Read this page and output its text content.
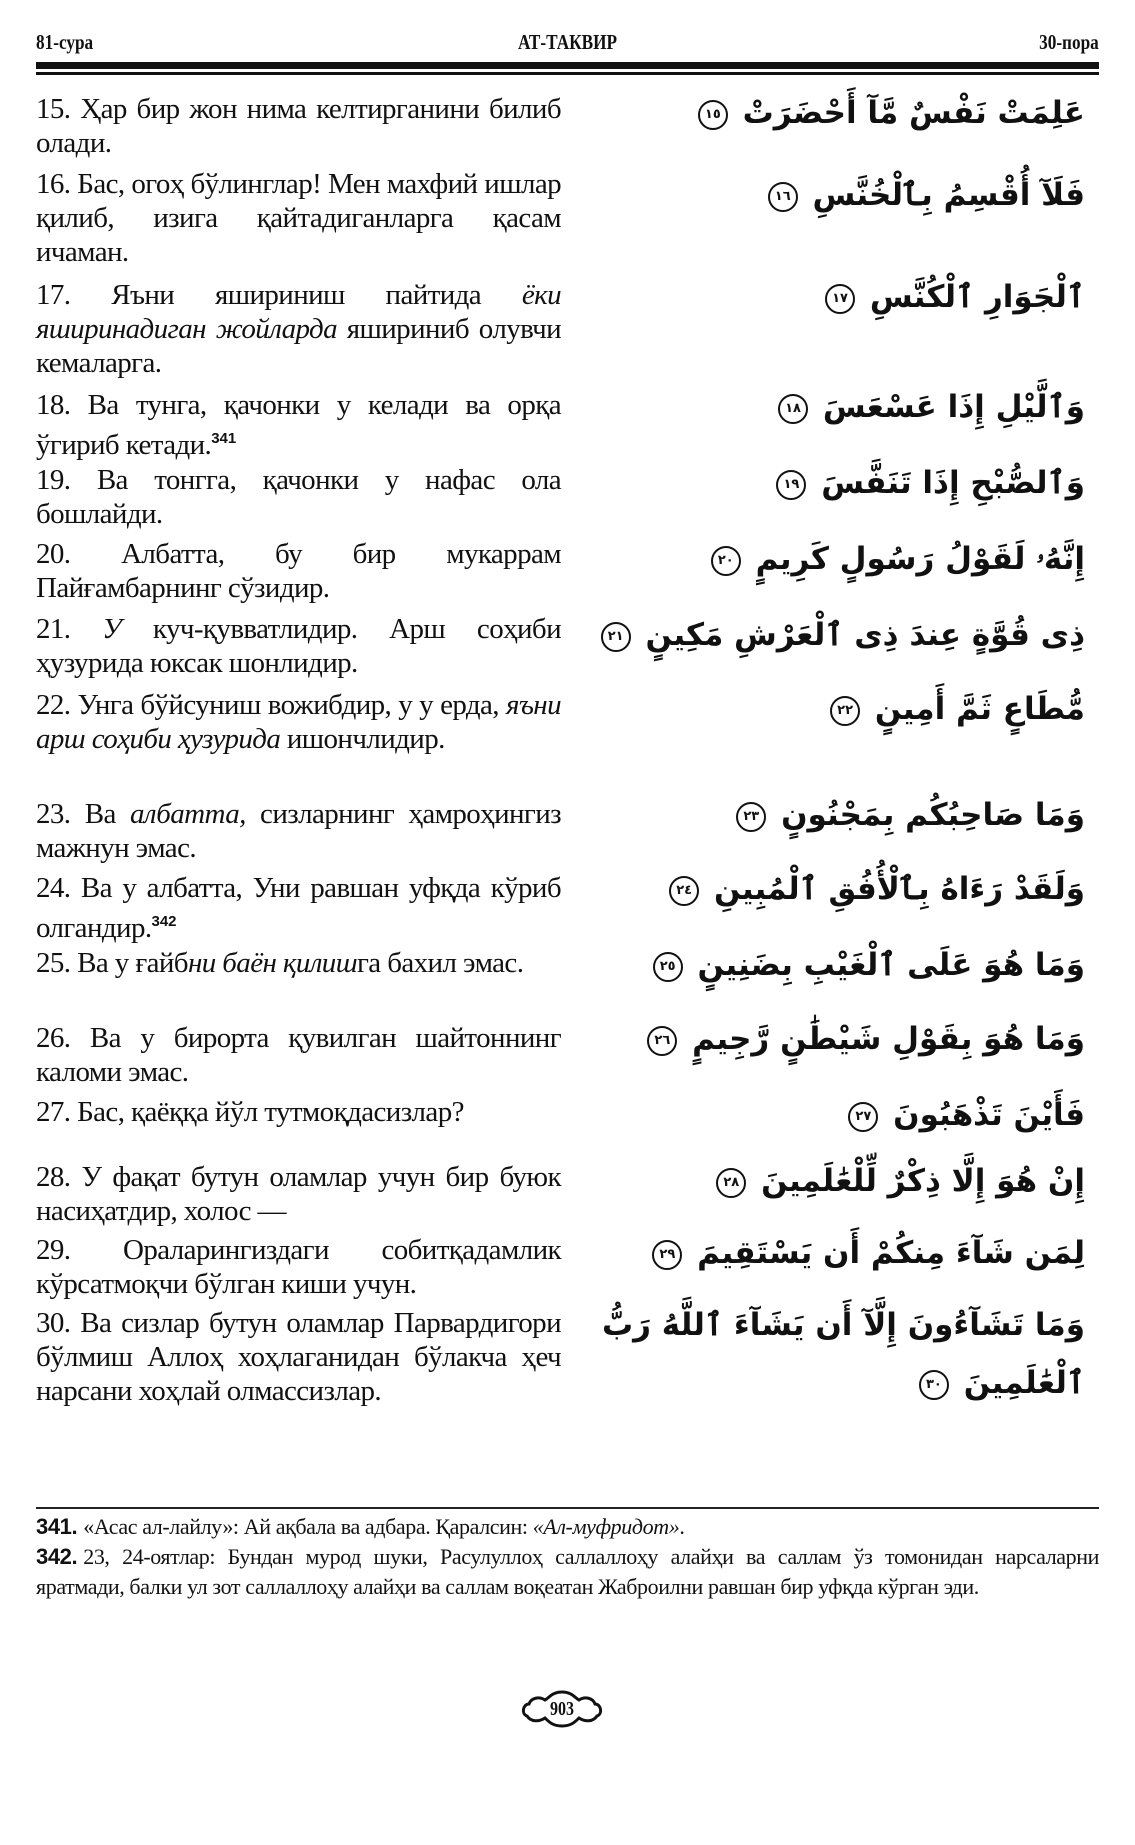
81-сура	АТ-ТАКВИР	30-пора
15. Ҳар бир жон нима келтирганини билиб олади.
عَلِمَتْ نَفْسٌ مَّآ أَحْضَرَتْ ١٥
16. Бас, огоҳ бўлинглар! Мен махфий ишлар қилиб, изига қайтадиганларга қасам ичаман.
فَلَآ أُقْسِمُ بِٱلْخُنَّسِ ١٦
17. Яъни яшириниш пайтида ёки яширинадиган жойларда яшириниб олувчи кемаларга.
ٱلْجَوَارِ ٱلْكُنَّسِ ١٧
18. Ва тунга, қачонки у келади ва орқа ўгириб кетади.$^{341}$
وَٱلَّيْلِ إِذَا عَسْعَسَ ١٨
19. Ва тонгга, қачонки у нафас ола бошлайди.
وَٱلصُّبْحِ إِذَا تَنَفَّسَ ١٩
20. Албатта, бу бир мукаррам Пайғамбарнинг сўзидир.
إِنَّهُۥ لَقَوْلُ رَسُولٍ كَرِيمٍ ٢٠
21. У куч-қувватлидир. Арш соҳиби ҳузурида юксак шонлидир.
ذِى قُوَّةٍ عِندَ ذِى ٱلْعَرْشِ مَكِينٍ ٢١
22. Унга бўйсуниш вожибдир, у у ерда, яъни арш соҳиби ҳузурида ишончлидир.
مُّطَاعٍ ثَمَّ أَمِينٍ ٢٢
23. Ва албатта, сизларнинг ҳамроҳингиз мажнун эмас.
وَمَا صَاحِبُكُم بِمَجْنُونٍ ٢٣
24. Ва у албатта, Уни равшан уфқда кўриб олгандир.$^{342}$
وَلَقَدْ رَءَاهُ بِٱلْأُفُقِ ٱلْمُبِينِ ٢٤
25. Ва у ғайбни баён қилишга бахил эмас.	وَمَا هُوَ عَلَى ٱلْغَيْبِ بِضَنِينٍ ٢٥
26. Ва у бирорта қувилган шайтоннинг каломи эмас.
وَمَا هُوَ بِقَوْلِ شَيْطَٰنٍ رَّجِيمٍ ٢٦
27. Бас, қаёққа йўл тутмоқдасизлар?	فَأَيْنَ تَذْهَبُونَ ٢٧
28. У фақат бутун оламлар учун бир буюк насиҳатдир, холос —
إِنْ هُوَ إِلَّا ذِكْرٌ لِّلْعَٰلَمِينَ ٢٨
29. Ораларингиздаги собитқадамлик кўрсатмоқчи бўлган киши учун.
لِمَن شَآءَ مِنكُمْ أَن يَسْتَقِيمَ ٢٩
30. Ва сизлар бутун оламлар Парвардигори бўлмиш Аллоҳ хоҳлаганидан бўлакча ҳеч нарсани хоҳлай олмассизлар.
وَمَا تَشَآءُونَ إِلَّآ أَن يَشَآءَ ٱللَّهُ رَبُّ ٱلْعَٰلَمِينَ ٣٠
341. «Асас ал-лайлу»: Ай ақбала ва адбара. Қаралсин: «Ал-муфридот».
342. 23, 24-оятлар: Бундан мурод шуки, Расулуллоҳ саллаллоҳу алайҳи ва саллам ўз томонидан нарсаларни яратмади, балки ул зот саллаллоҳу алайҳи ва саллам воқеатан Жаброилни равшан бир уфқда кўрган эди.
903
